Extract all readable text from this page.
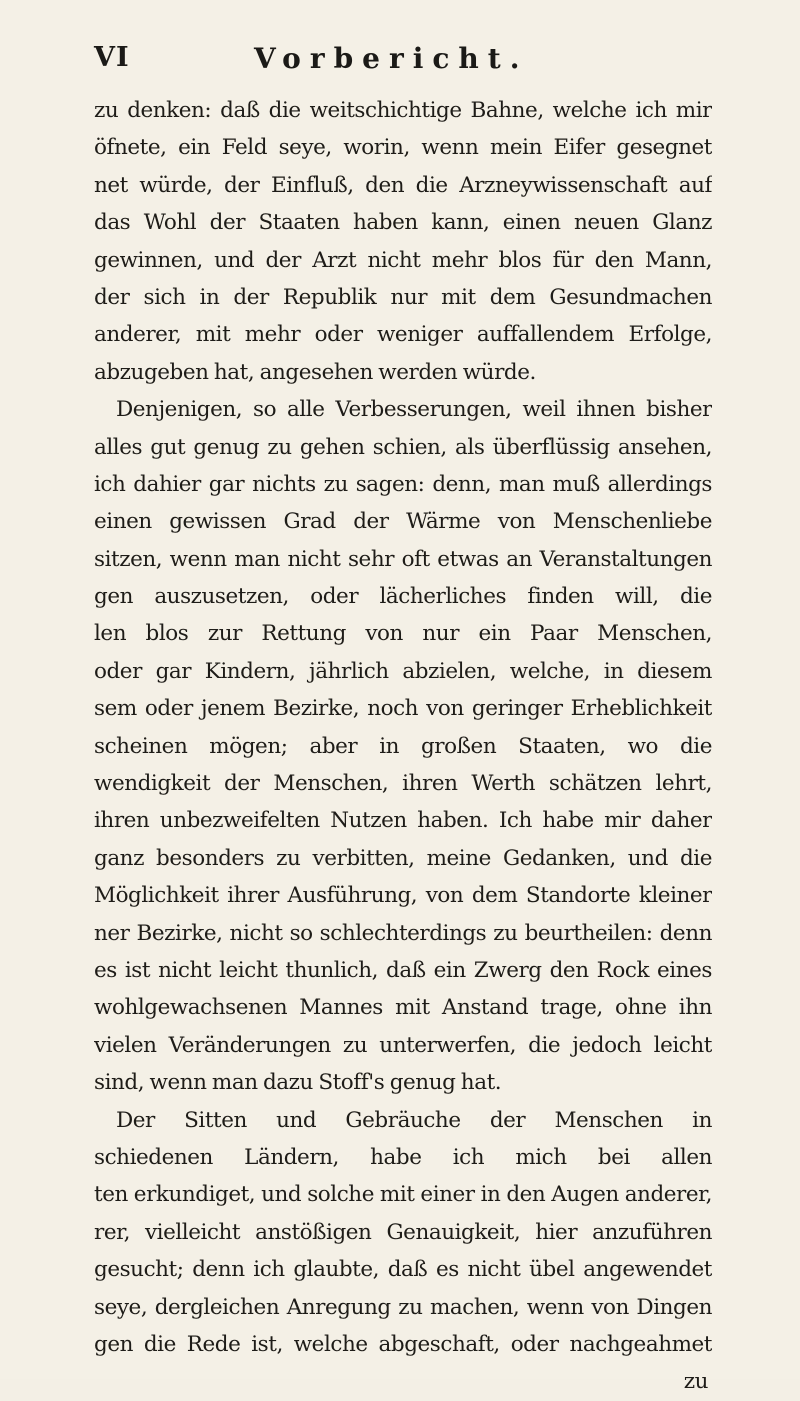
VI	Vorbericht.
zu denken: daß die weitschichtige Bahne, welche ich mir
öfnete, ein Feld seye, worin, wenn mein Eifer gesegnet
net würde, der Einfluß, den die Arzneywissenschaft auf
das Wohl der Staaten haben kann, einen neuen Glanz
gewinnen, und der Arzt nicht mehr blos für den Mann,
der sich in der Republik nur mit dem Gesundmachen
anderer, mit mehr oder weniger auffallendem Erfolge,
abzugeben hat, angesehen werden würde.
Denjenigen, so alle Verbesserungen, weil ihnen bisher
alles gut genug zu gehen schien, als überflüssig ansehen,
ich dahier gar nichts zu sagen: denn, man muß allerdings
einen gewissen Grad der Wärme von Menschenliebe
sitzen, wenn man nicht sehr oft etwas an Veranstaltungen
gen auszusetzen, oder lächerliches finden will, die
len blos zur Rettung von nur ein Paar Menschen,
oder gar Kindern, jährlich abzielen, welche, in diesem
sem oder jenem Bezirke, noch von geringer Erheblichkeit
scheinen mögen; aber in großen Staaten, wo die
wendigkeit der Menschen, ihren Werth schätzen lehrt,
ihren unbezweifelten Nutzen haben. Ich habe mir daher
ganz besonders zu verbitten, meine Gedanken, und die
Möglichkeit ihrer Ausführung, von dem Standorte kleiner
ner Bezirke, nicht so schlechterdings zu beurtheilen: denn
es ist nicht leicht thunlich, daß ein Zwerg den Rock eines
wohlgewachsenen Mannes mit Anstand trage, ohne ihn
vielen Veränderungen zu unterwerfen, die jedoch leicht
sind, wenn man dazu Stoff's genug hat.
Der Sitten und Gebräuche der Menschen in
schiedenen Ländern, habe ich mich bei allen
ten erkundiget, und solche mit einer in den Augen anderer,
rer, vielleicht anstößigen Genauigkeit, hier anzuführen
gesucht; denn ich glaubte, daß es nicht übel angewendet
seye, dergleichen Anregung zu machen, wenn von Dingen
gen die Rede ist, welche abgeschaft, oder nachgeahmet
zu
